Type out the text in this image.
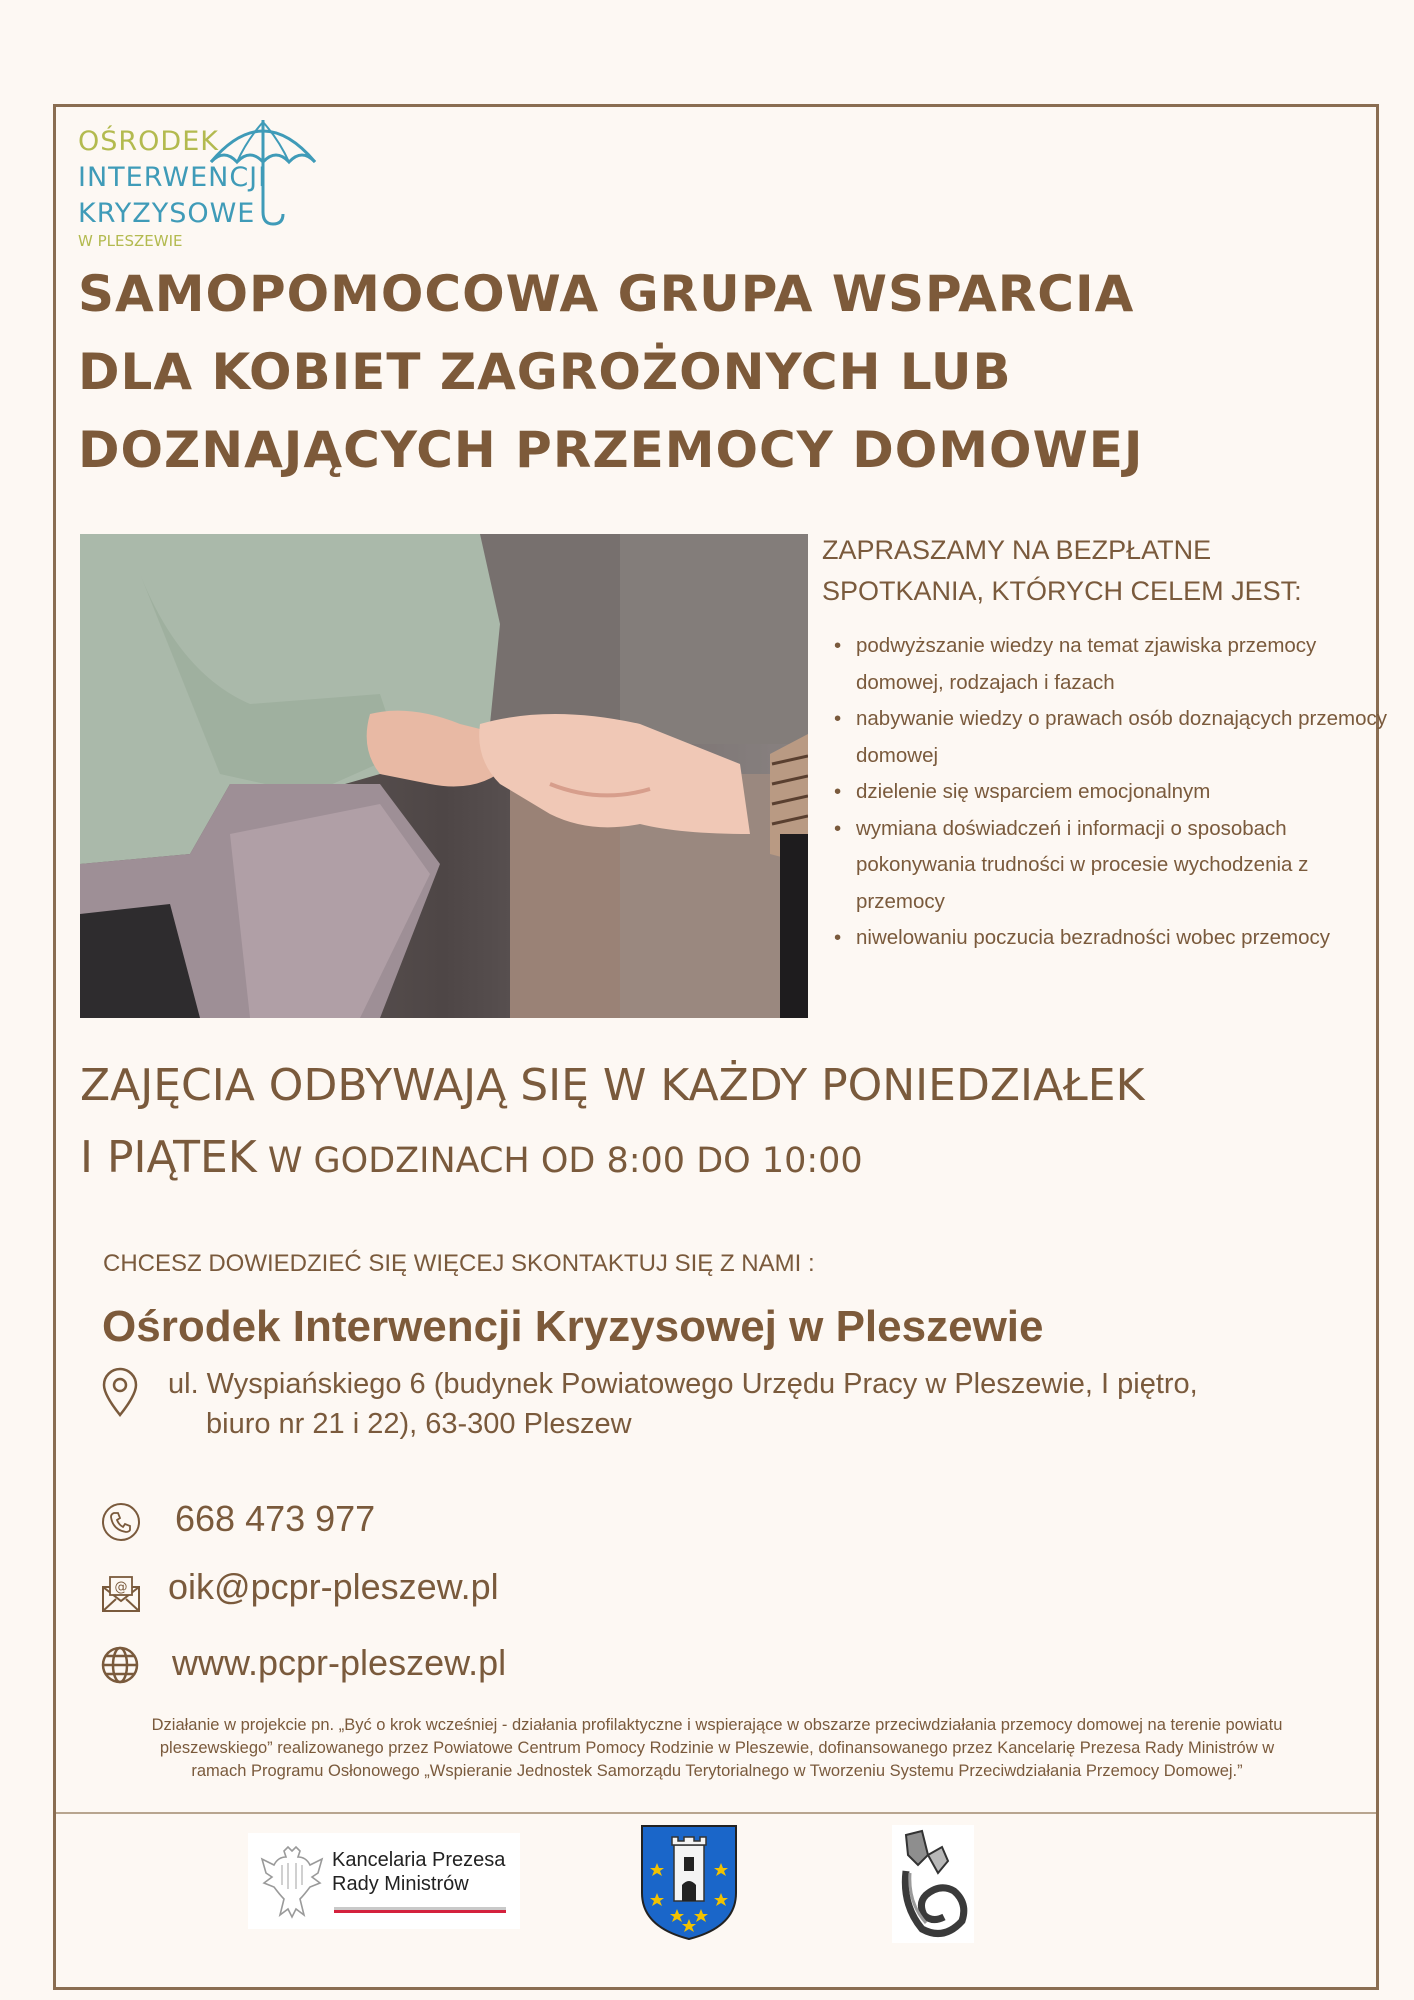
OŚRODEK
INTERWENCJI
KRYZYSOWE
W PLESZEWIE
SAMOPOMOCOWA GRUPA WSPARCIA
DLA KOBIET ZAGROŻONYCH LUB
DOZNAJĄCYCH PRZEMOCY DOMOWEJ
ZAPRASZAMY NA BEZPŁATNE
SPOTKANIA, KTÓRYCH CELEM JEST:
• podwyższanie wiedzy na temat zjawiska przemocy domowej, rodzajach i fazach
• nabywanie wiedzy o prawach osób doznających przemocy domowej
• dzielenie się wsparciem emocjonalnym
• wymiana doświadczeń i informacji o sposobach pokonywania trudności w procesie wychodzenia z przemocy
• niwelowaniu poczucia bezradności wobec przemocy
ZAJĘCIA ODBYWAJĄ SIĘ W KAŻDY PONIEDZIAŁEK
I PIĄTEK W GODZINACH OD 8:00 DO 10:00
CHCESZ DOWIEDZIEĆ SIĘ WIĘCEJ SKONTAKTUJ SIĘ Z NAMI :
Ośrodek Interwencji Kryzysowej w Pleszewie
ul. Wyspiańskiego 6 (budynek Powiatowego Urzędu Pracy w Pleszewie, I piętro,
biuro nr 21 i 22), 63-300 Pleszew
668 473 977
@ oik@pcpr-pleszew.pl
www.pcpr-pleszew.pl
Działanie w projekcie pn. „Być o krok wcześniej - działania profilaktyczne i wspierające w obszarze przeciwdziałania przemocy domowej na terenie powiatu
pleszewskiego” realizowanego przez Powiatowe Centrum Pomocy Rodzinie w Pleszewie, dofinansowanego przez Kancelarię Prezesa Rady Ministrów w
ramach Programu Osłonowego „Wspieranie Jednostek Samorządu Terytorialnego w Tworzeniu Systemu Przeciwdziałania Przemocy Domowej.”
Kancelaria Prezesa
Rady Ministrów
